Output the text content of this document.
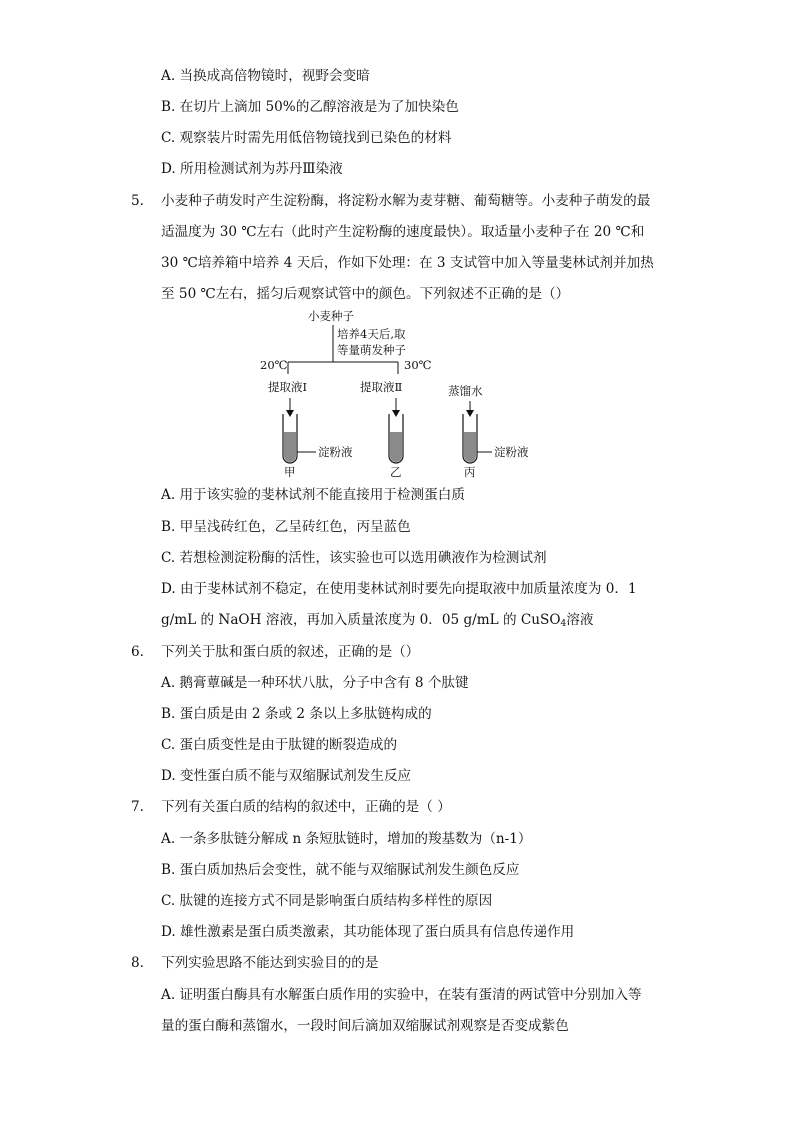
A. 当换成高倍物镜时，视野会变暗
B. 在切片上滴加 50%的乙醇溶液是为了加快染色
C. 观察装片时需先用低倍物镜找到已染色的材料
D. 所用检测试剂为苏丹Ⅲ染液
5. 小麦种子萌发时产生淀粉酶，将淀粉水解为麦芽糖、葡萄糖等。小麦种子萌发的最
适温度为 30 ℃左右（此时产生淀粉酶的速度最快）。取适量小麦种子在 20 ℃和
30 ℃培养箱中培养 4 天后，作如下处理：在 3 支试管中加入等量斐林试剂并加热
至 50 ℃左右，摇匀后观察试管中的颜色。下列叙述不正确的是（）
小麦种子
培养4天后,取
等量萌发种子
20℃	30℃
提取液Ⅰ	提取液Ⅱ	蒸馏水
淀粉液	淀粉液
甲	乙	丙
A. 用于该实验的斐林试剂不能直接用于检测蛋白质
B. 甲呈浅砖红色，乙呈砖红色，丙呈蓝色
C. 若想检测淀粉酶的活性，该实验也可以选用碘液作为检测试剂
D. 由于斐林试剂不稳定，在使用斐林试剂时要先向提取液中加质量浓度为 0．1
g/mL 的 NaOH 溶液，再加入质量浓度为 0．05 g/mL 的 CuSO$_4$溶液
6. 下列关于肽和蛋白质的叙述，正确的是（）
A. 鹅膏蕈碱是一种环状八肽，分子中含有 8 个肽键
B. 蛋白质是由 2 条或 2 条以上多肽链构成的
C. 蛋白质变性是由于肽键的断裂造成的
D. 变性蛋白质不能与双缩脲试剂发生反应
7. 下列有关蛋白质的结构的叙述中，正确的是（ ）
A. 一条多肽链分解成 n 条短肽链时，增加的羧基数为（n-1）
B. 蛋白质加热后会变性，就不能与双缩脲试剂发生颜色反应
C. 肽键的连接方式不同是影响蛋白质结构多样性的原因
D. 雄性激素是蛋白质类激素，其功能体现了蛋白质具有信息传递作用
8. 下列实验思路不能达到实验目的的是
A. 证明蛋白酶具有水解蛋白质作用的实验中，在装有蛋清的两试管中分别加入等
量的蛋白酶和蒸馏水，一段时间后滴加双缩脲试剂观察是否变成紫色
